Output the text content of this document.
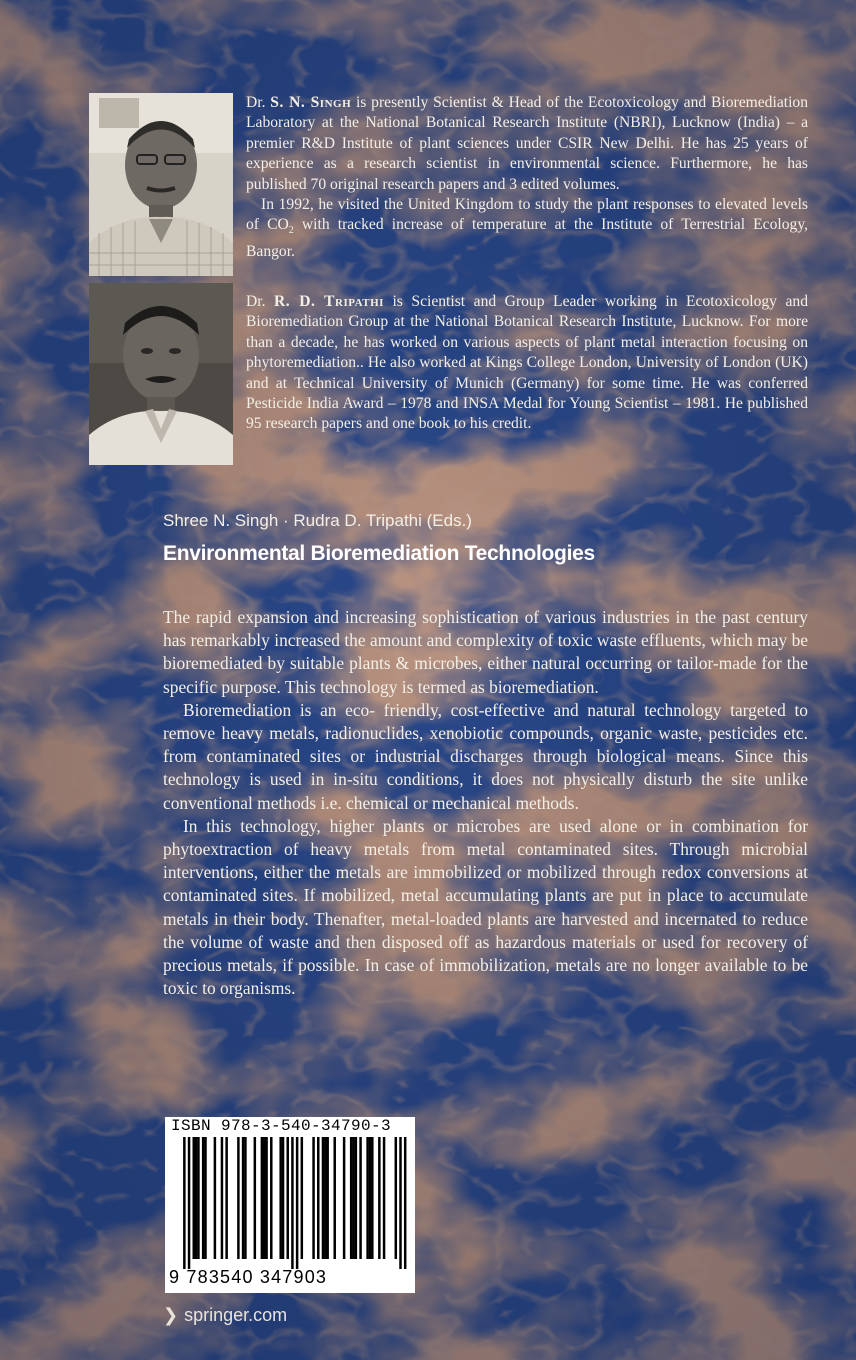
Dr. S. N. Singh is presently Scientist & Head of the Ecotoxicology and Bioremediation Laboratory at the National Botanical Research Institute (NBRI), Lucknow (India) – a premier R&D Institute of plant sciences under CSIR New Delhi. He has 25 years of experience as a research scientist in environmental science. Furthermore, he has published 70 original research papers and 3 edited volumes.

In 1992, he visited the United Kingdom to study the plant responses to elevated levels of $CO_2$ with tracked increase of temperature at the Institute of Terrestrial Ecology, Bangor.

Dr. R. D. Tripathi is Scientist and Group Leader working in Ecotoxicology and Bioremediation Group at the National Botanical Research Institute, Lucknow. For more than a decade, he has worked on various aspects of plant metal interaction focusing on phytoremediation.. He also worked at Kings College London, University of London (UK) and at Technical University of Munich (Germany) for some time. He was conferred Pesticide India Award – 1978 and INSA Medal for Young Scientist – 1981. He published 95 research papers and one book to his credit.

Shree N. Singh · Rudra D. Tripathi (Eds.)
Environmental Bioremediation Technologies

The rapid expansion and increasing sophistication of various industries in the past century has remarkably increased the amount and complexity of toxic waste effluents, which may be bioremediated by suitable plants & microbes, either natural occurring or tailor-made for the specific purpose. This technology is termed as bioremediation.

Bioremediation is an eco- friendly, cost-effective and natural technology targeted to remove heavy metals, radionuclides, xenobiotic compounds, organic waste, pesticides etc. from contaminated sites or industrial discharges through biological means. Since this technology is used in in-situ conditions, it does not physically disturb the site unlike conventional methods i.e. chemical or mechanical methods.

In this technology, higher plants or microbes are used alone or in combination for phytoextraction of heavy metals from metal contaminated sites. Through microbial interventions, either the metals are immobilized or mobilized through redox conversions at contaminated sites. If mobilized, metal accumulating plants are put in place to accumulate metals in their body. Thenafter, metal-loaded plants are harvested and incernated to reduce the volume of waste and then disposed off as hazardous materials or used for recovery of precious metals, if possible. In case of immobilization, metals are no longer available to be toxic to organisms.

ISBN 978-3-540-34790-3
9 783540 347903
❯ springer.com
